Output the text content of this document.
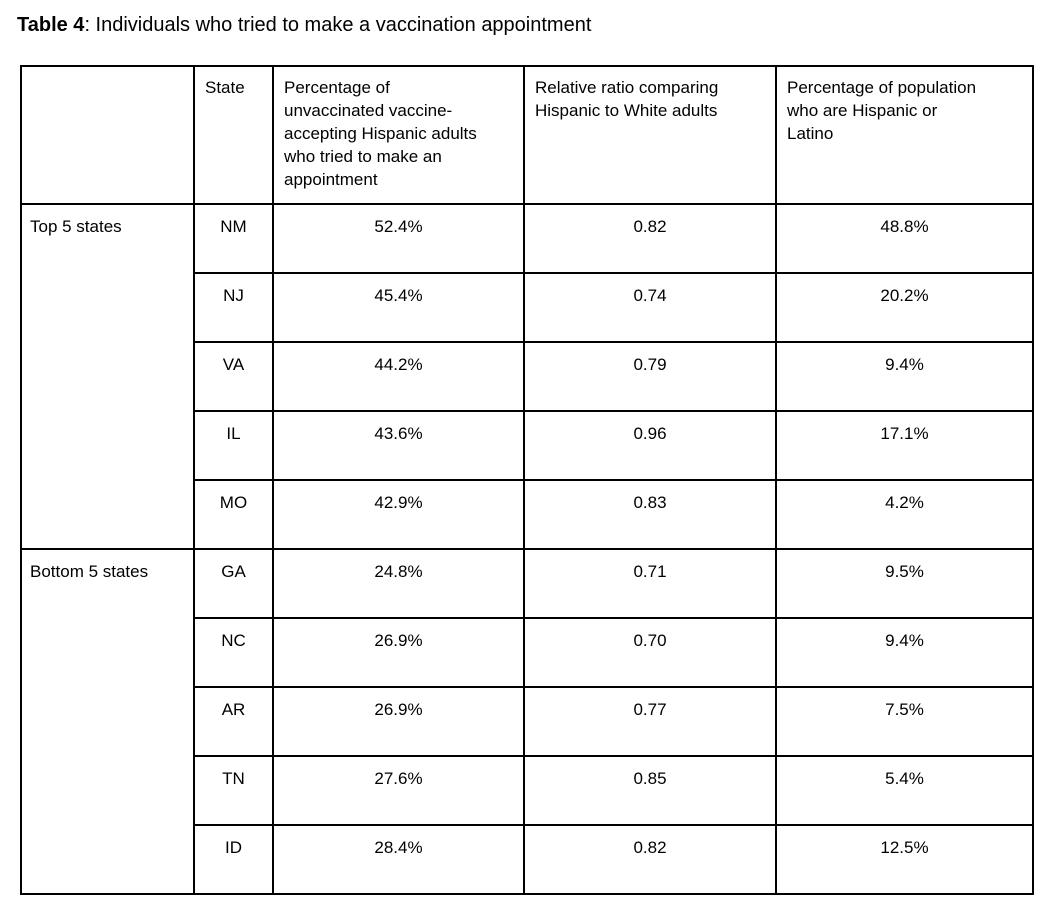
Table 4: Individuals who tried to make a vaccination appointment
	State	Percentage of unvaccinated vaccine-accepting Hispanic adults who tried to make an appointment	Relative ratio comparing Hispanic to White adults	Percentage of population who are Hispanic or Latino
Top 5 states	NM	52.4%	0.82	48.8%
	NJ	45.4%	0.74	20.2%
	VA	44.2%	0.79	9.4%
	IL	43.6%	0.96	17.1%
	MO	42.9%	0.83	4.2%
Bottom 5 states	GA	24.8%	0.71	9.5%
	NC	26.9%	0.70	9.4%
	AR	26.9%	0.77	7.5%
	TN	27.6%	0.85	5.4%
	ID	28.4%	0.82	12.5%
